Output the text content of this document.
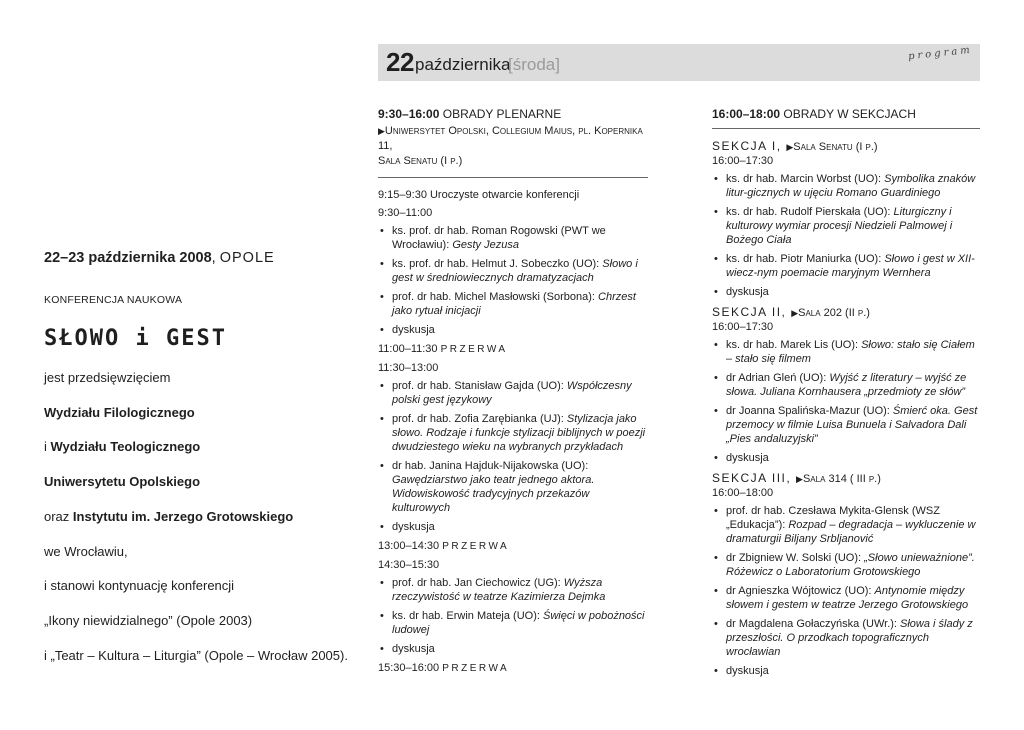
22–23 października 2008, OPOLE
KONFERENCJA NAUKOWA
SŁOWO i GEST
jest przedsięwzięciem
Wydziału Filologicznego
i Wydziału Teologicznego
Uniwersytetu Opolskiego
oraz Instytutu im. Jerzego Grotowskiego
we Wrocławiu,
i stanowi kontynuację konferencji
„Ikony niewidzialnego” (Opole 2003)
i „Teatr – Kultura – Liturgia” (Opole – Wrocław 2005).
22 października
[środa]
program
9:30–16:00 OBRADY PLENARNE
▶Uniwersytet Opolski, Collegium Maius, pl. Kopernika 11,
Sala Senatu (I p.)
9:15–9:30 Uroczyste otwarcie konferencji
9:30–11:00
• ks. prof. dr hab. Roman Rogowski (PWT we Wrocławiu): Gesty Jezusa
• ks. prof. dr hab. Helmut J. Sobeczko (UO): Słowo i gest w średniowiecznych dramatyzacjach
• prof. dr hab. Michel Masłowski (Sorbona): Chrzest jako rytuał inicjacji
• dyskusja
11:00–11:30 PRZERWA
11:30–13:00
• prof. dr hab. Stanisław Gajda (UO): Współczesny polski gest językowy
• prof. dr hab. Zofia Zarębianka (UJ): Stylizacja jako słowo. Rodzaje i funkcje stylizacji biblijnych w poezji dwudziestego wieku na wybranych przykładach
• dr hab. Janina Hajduk-Nijakowska (UO): Gawędziarstwo jako teatr jednego aktora. Widowiskowość tradycyjnych przekazów kulturowych
• dyskusja
13:00–14:30 PRZERWA
14:30–15:30
• prof. dr hab. Jan Ciechowicz (UG): Wyższa rzeczywistość w teatrze Kazimierza Dejmka
• ks. dr hab. Erwin Mateja (UO): Święci w pobożności ludowej
• dyskusja
15:30–16:00 PRZERWA
16:00–18:00 OBRADY W SEKCJACH
SEKCJA I, ▶Sala Senatu (I p.)
16:00–17:30
• ks. dr hab. Marcin Worbst (UO): Symbolika znaków litur-gicznych w ujęciu Romano Guardiniego
• ks. dr hab. Rudolf Pierskała (UO): Liturgiczny i kulturowy wymiar procesji Niedzieli Palmowej i Bożego Ciała
• ks. dr hab. Piotr Maniurka (UO): Słowo i gest w XII-wiecz-nym poemacie maryjnym Wernhera
• dyskusja
SEKCJA II, ▶Sala 202 (II p.)
16:00–17:30
• ks. dr hab. Marek Lis (UO): Słowo: stało się Ciałem – stało się filmem
• dr Adrian Gleń (UO): Wyjść z literatury – wyjść ze słowa. Juliana Kornhausera „przedmioty ze słów”
• dr Joanna Spalińska-Mazur (UO): Śmierć oka. Gest przemocy w filmie Luisa Bunuela i Salvadora Dali „Pies andaluzyjski”
• dyskusja
SEKCJA III, ▶Sala 314 ( III p.)
16:00–18:00
• prof. dr hab. Czesława Mykita-Glensk (WSZ „Edukacja”): Rozpad – degradacja – wykluczenie w dramaturgii Biljany Srbljanović
• dr Zbigniew W. Solski (UO): „Słowo unieważnione”. Różewicz o Laboratorium Grotowskiego
• dr Agnieszka Wójtowicz (UO): Antynomie między słowem i gestem w teatrze Jerzego Grotowskiego
• dr Magdalena Gołaczyńska (UWr.): Słowa i ślady z przeszłości. O przodkach topograficznych wrocławian
• dyskusja
